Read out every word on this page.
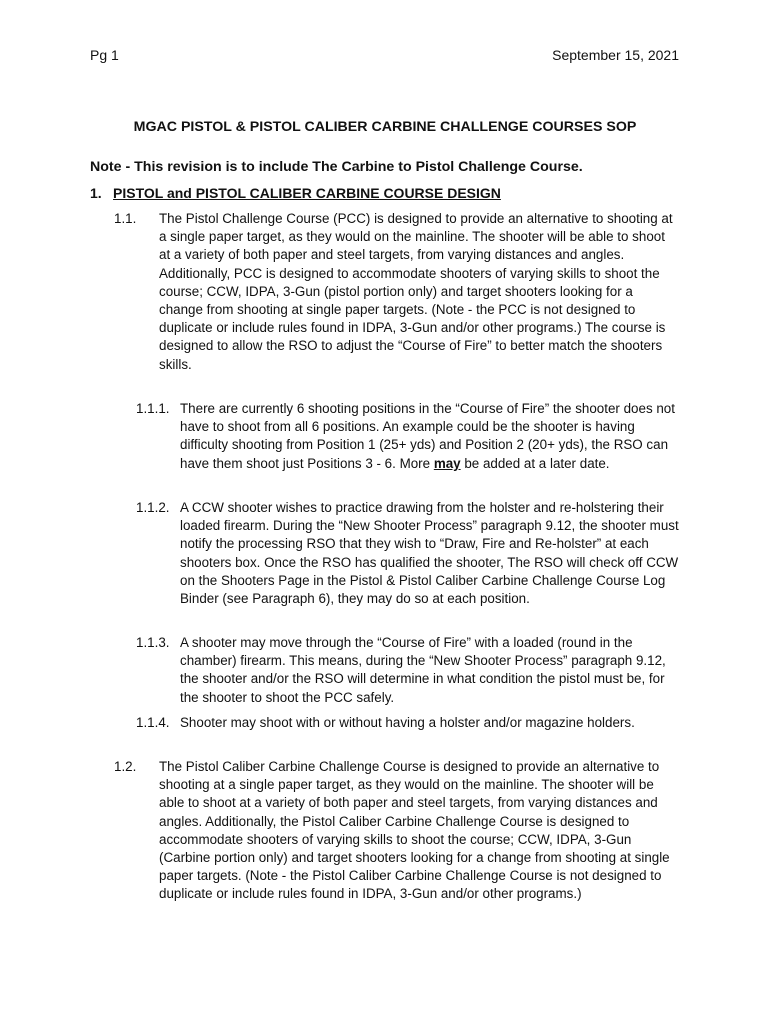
Pg 1	September 15, 2021
MGAC PISTOL & PISTOL CALIBER CARBINE CHALLENGE COURSES SOP
Note - This revision is to include The Carbine to Pistol Challenge Course.
1. PISTOL and PISTOL CALIBER CARBINE COURSE DESIGN
1.1. The Pistol Challenge Course (PCC) is designed to provide an alternative to shooting at a single paper target, as they would on the mainline. The shooter will be able to shoot at a variety of both paper and steel targets, from varying distances and angles. Additionally, PCC is designed to accommodate shooters of varying skills to shoot the course; CCW, IDPA, 3-Gun (pistol portion only) and target shooters looking for a change from shooting at single paper targets. (Note - the PCC is not designed to duplicate or include rules found in IDPA, 3-Gun and/or other programs.) The course is designed to allow the RSO to adjust the “Course of Fire” to better match the shooters skills.
1.1.1. There are currently 6 shooting positions in the “Course of Fire” the shooter does not have to shoot from all 6 positions. An example could be the shooter is having difficulty shooting from Position 1 (25+ yds) and Position 2 (20+ yds), the RSO can have them shoot just Positions 3 - 6. More may be added at a later date.
1.1.2. A CCW shooter wishes to practice drawing from the holster and re-holstering their loaded firearm. During the “New Shooter Process” paragraph 9.12, the shooter must notify the processing RSO that they wish to “Draw, Fire and Re-holster” at each shooters box. Once the RSO has qualified the shooter, The RSO will check off CCW on the Shooters Page in the Pistol & Pistol Caliber Carbine Challenge Course Log Binder (see Paragraph 6), they may do so at each position.
1.1.3. A shooter may move through the “Course of Fire” with a loaded (round in the chamber) firearm. This means, during the “New Shooter Process” paragraph 9.12, the shooter and/or the RSO will determine in what condition the pistol must be, for the shooter to shoot the PCC safely.
1.1.4. Shooter may shoot with or without having a holster and/or magazine holders.
1.2. The Pistol Caliber Carbine Challenge Course is designed to provide an alternative to shooting at a single paper target, as they would on the mainline. The shooter will be able to shoot at a variety of both paper and steel targets, from varying distances and angles. Additionally, the Pistol Caliber Carbine Challenge Course is designed to accommodate shooters of varying skills to shoot the course; CCW, IDPA, 3-Gun (Carbine portion only) and target shooters looking for a change from shooting at single paper targets. (Note - the Pistol Caliber Carbine Challenge Course is not designed to duplicate or include rules found in IDPA, 3-Gun and/or other programs.)
